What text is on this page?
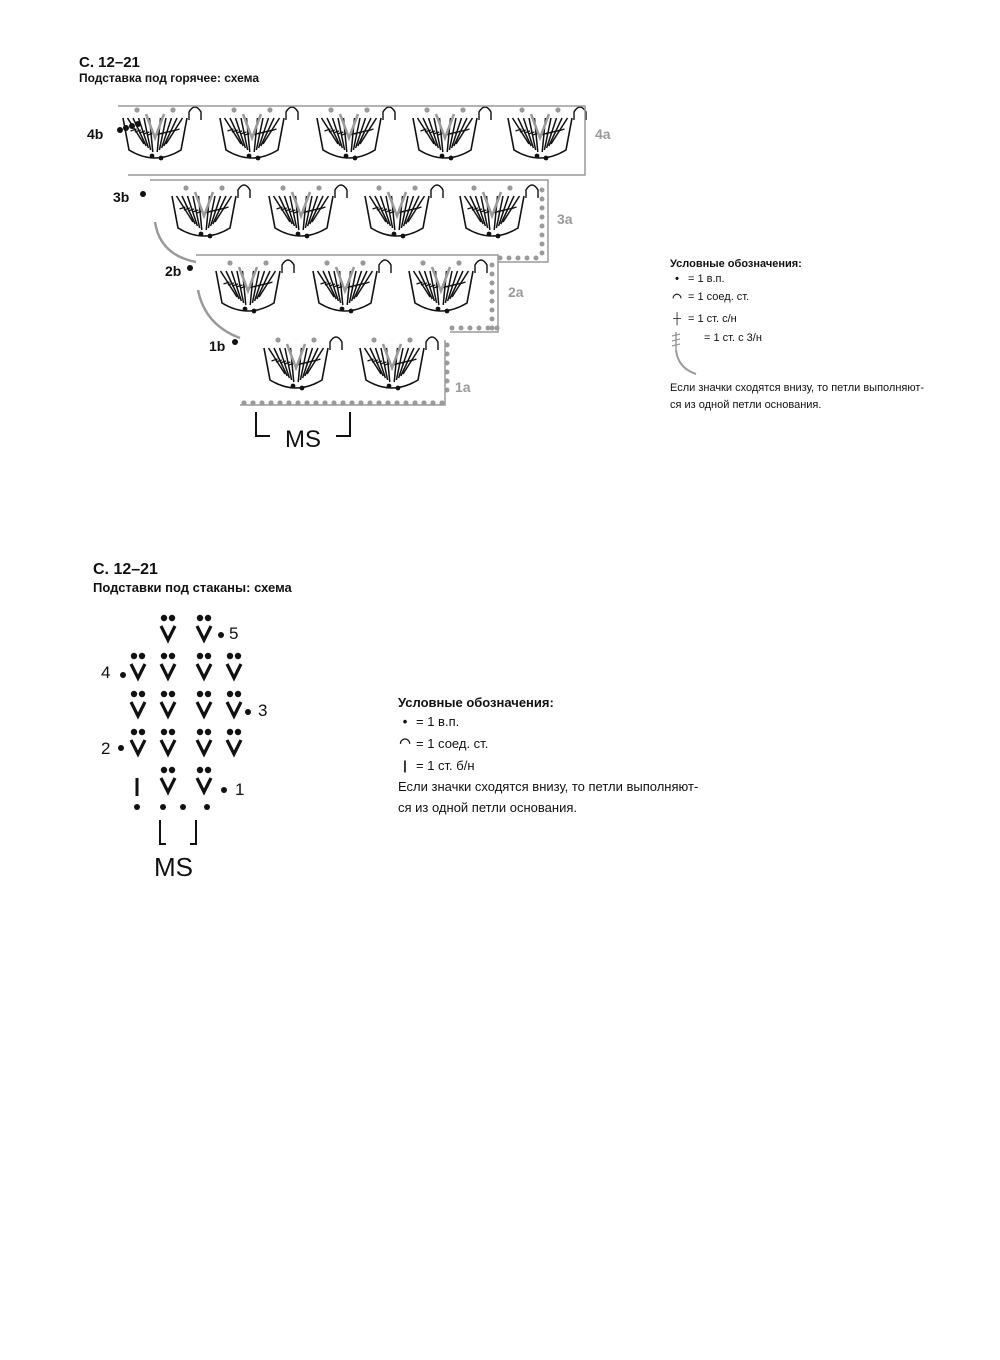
С. 12–21
Подставка под горячее: схема
4b	4a
3b
3a
2b
2a
1b
1a
MS
Условные обозначения:
• = 1 в.п.
◠ = 1 соед. ст.
┼ = 1 ст. с/н
= 1 ст. с 3/н
Если значки сходятся внизу, то петли выполняют-
ся из одной петли основания.
С. 12–21
Подставки под стаканы: схема
5
4
3
2
1
MS
Условные обозначения:
• = 1 в.п.
◠ = 1 соед. ст.
| = 1 ст. б/н
Если значки сходятся внизу, то петли выполняют-
ся из одной петли основания.
